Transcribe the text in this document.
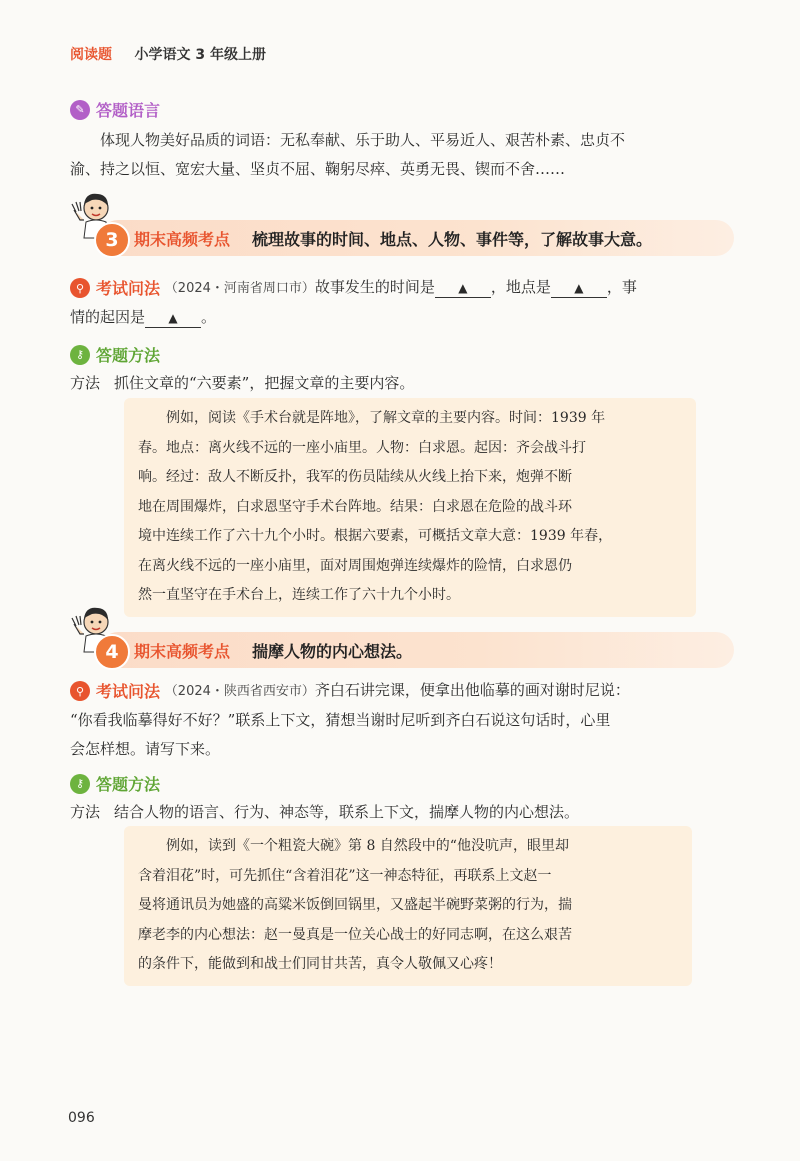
阅读题 小学语文 3 年级上册
✎ 答题语言

体现人物美好品质的词语：无私奉献、乐于助人、平易近人、艰苦朴素、忠贞不

渝、持之以恒、宽宏大量、坚贞不屈、鞠躬尽瘁、英勇无畏、锲而不舍……

3 期末高频考点 梳理故事的时间、地点、人物、事件等，了解故事大意。

⚲ 考试问法 （2024・河南省周口市）故事发生的时间是 ▲ ，地点是 ▲ ，事

情的起因是 ▲ 。

⚷ 答题方法
方法 抓住文章的“六要素”，把握文章的主要内容。
例如，阅读《手术台就是阵地》，了解文章的主要内容。时间：1939 年
春。地点：离火线不远的一座小庙里。人物：白求恩。起因：齐会战斗打
响。经过：敌人不断反扑，我军的伤员陆续从火线上抬下来，炮弹不断
地在周围爆炸，白求恩坚守手术台阵地。结果：白求恩在危险的战斗环
境中连续工作了六十九个小时。根据六要素，可概括文章大意：1939 年春，
在离火线不远的一座小庙里，面对周围炮弹连续爆炸的险情，白求恩仍
然一直坚守在手术台上，连续工作了六十九个小时。
4 期末高频考点 揣摩人物的内心想法。

⚲ 考试问法 （2024・陕西省西安市）齐白石讲完课，便拿出他临摹的画对谢时尼说：

“你看我临摹得好不好？”联系上下文，猜想当谢时尼听到齐白石说这句话时，心里

会怎样想。请写下来。

⚷ 答题方法
方法 结合人物的语言、行为、神态等，联系上下文，揣摩人物的内心想法。
例如，读到《一个粗瓷大碗》第 8 自然段中的“他没吭声，眼里却
含着泪花”时，可先抓住“含着泪花”这一神态特征，再联系上文赵一
曼将通讯员为她盛的高粱米饭倒回锅里，又盛起半碗野菜粥的行为，揣
摩老李的内心想法：赵一曼真是一位关心战士的好同志啊，在这么艰苦
的条件下，能做到和战士们同甘共苦，真令人敬佩又心疼！
096
